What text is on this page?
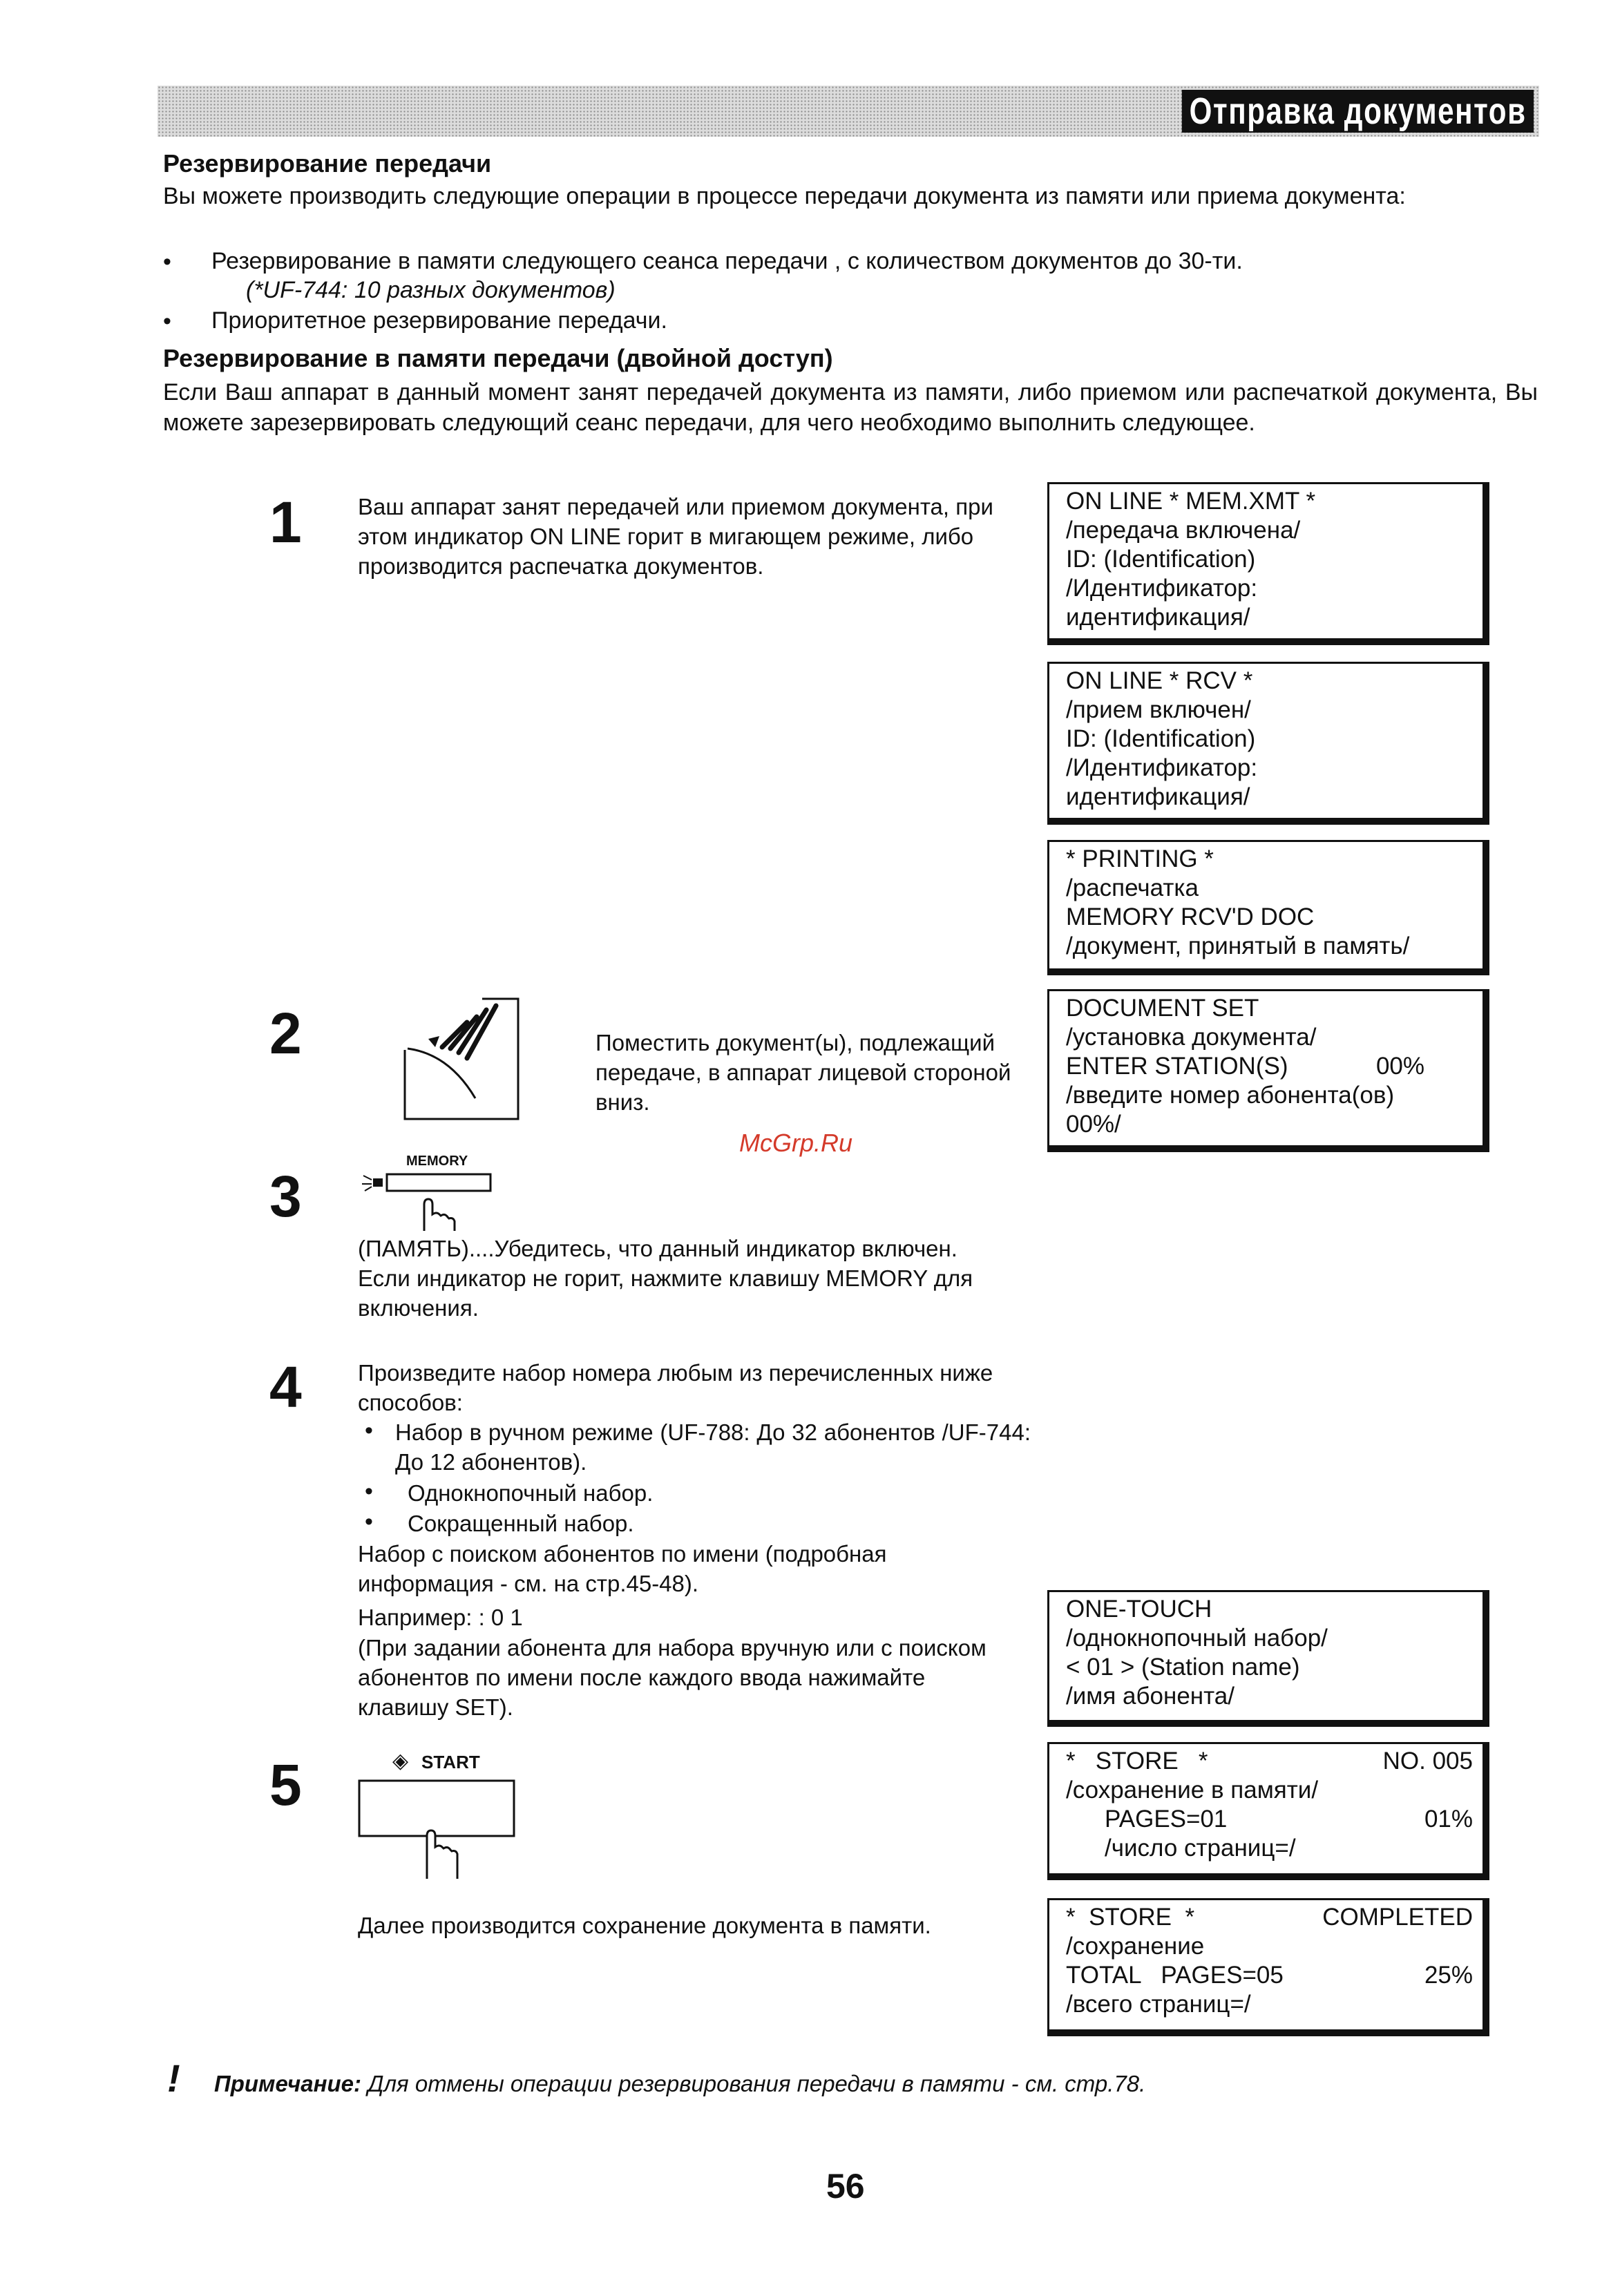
Отправка документов
Резервирование передачи
Вы можете производить следующие операции в процессе передачи документа из памяти или приема документа:
• Резервирование в памяти следующего сеанса передачи , с количеством документов до 30-ти.
(*UF-744: 10 разных документов)
• Приоритетное резервирование передачи.
Резервирование в памяти передачи (двойной доступ)
Если Ваш аппарат в данный момент занят передачей документа из памяти, либо приемом или распечаткой документа, Вы можете зарезервировать следующий сеанс передачи, для чего необходимо выполнить следующее.
1 Ваш аппарат занят передачей или приемом документа, при этом индикатор ON LINE горит в мигающем режиме, либо производится распечатка документов.
ON LINE * MEM.XMT *
/передача включена/
ID: (Identification)
/Идентификатор:
идентификация/
ON LINE * RCV *
/прием включен/
ID: (Identification)
/Идентификатор:
идентификация/
* PRINTING *
/распечатка
MEMORY RCV'D DOC
/документ, принятый в память/
2	Поместить документ(ы), подлежащий передаче, в аппарат лицевой стороной вниз.
DOCUMENT SET
/установка документа/
ENTER STATION(S)	00%
/введите номер абонента(ов)
00%/
McGrp.Ru
3
MEMORY
(ПАМЯТЬ)....Убедитесь, что данный индикатор включен. Если индикатор не горит, нажмите клавишу MEMORY для включения.
4 Произведите набор номера любым из перечисленных ниже способов:
• Набор в ручном режиме (UF-788: До 32 абонентов /UF-744: До 12 абонентов).
• Однокнопочный набор.
• Сокращенный набор.
Набор с поиском абонентов по имени (подробная информация - см. на стр.45-48).
Например: : 0 1
(При задании абонента для набора вручную или с поиском абонентов по имени после каждого ввода нажимайте клавишу SET).
ONE-TOUCH
/однокнопочный набор/
< 01 > (Station name)
/имя абонента/
5	◈ START
Далее производится сохранение документа в памяти.
*   STORE   *	NO. 005
/сохранение в памяти/
PAGES=01	01%
/число страниц=/
*  STORE  *	COMPLETED
/сохранение
TOTAL   PAGES=05	25%
/всего страниц=/
! Примечание: Для отмены операции резервирования передачи в памяти - см. стр.78.
56
